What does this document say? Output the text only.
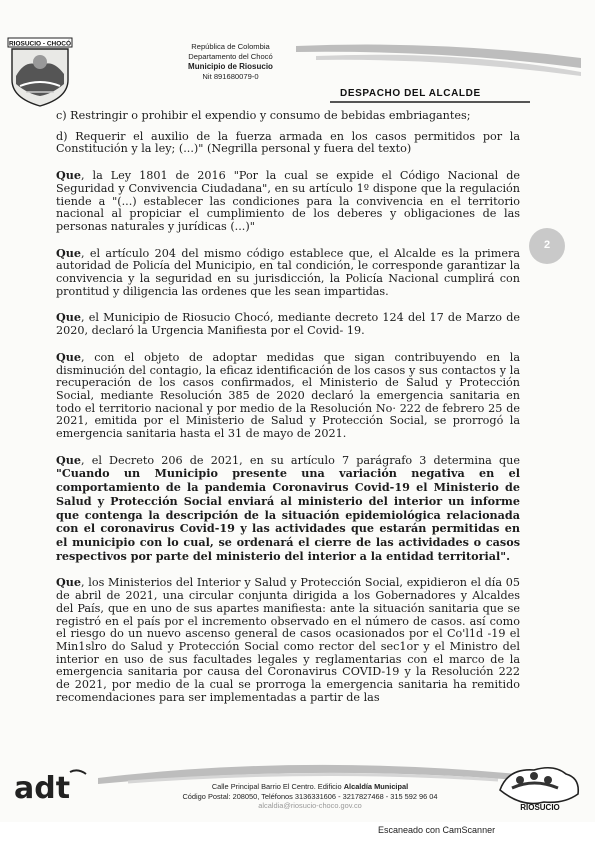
RIOSUCIO - CHOCÓ	República de Colombia
Departamento del Chocó
Municipio de Riosucio
Nit 891680079-0
DESPACHO DEL ALCALDE
2

c) Restringir o prohibir el expendio y consumo de bebidas embriagantes;

d) Requerir el auxilio de la fuerza armada en los casos permitidos por la Constitución y la ley; (...)" (Negrilla personal y fuera del texto)

Que, la Ley 1801 de 2016 "Por la cual se expide el Código Nacional de Seguridad y Convivencia Ciudadana", en su artículo 1º dispone que la regulación tiende a "(...) establecer las condiciones para la convivencia en el territorio nacional al propiciar el cumplimiento de los deberes y obligaciones de las personas naturales y jurídicas (...)"

Que, el artículo 204 del mismo código establece que, el Alcalde es la primera autoridad de Policía del Municipio, en tal condición, le corresponde garantizar la convivencia y la seguridad en su jurisdicción, la Policía Nacional cumplirá con prontitud y diligencia las ordenes que les sean impartidas.

Que, el Municipio de Riosucio Chocó, mediante decreto 124 del 17 de Marzo de 2020, declaró la Urgencia Manifiesta por el Covid- 19.

Que, con el objeto de adoptar medidas que sigan contribuyendo en la disminución del contagio, la eficaz identificación de los casos y sus contactos y la recuperación de los casos confirmados, el Ministerio de Salud y Protección Social, mediante Resolución 385 de 2020 declaró la emergencia sanitaria en todo el territorio nacional y por medio de la Resolución No· 222 de febrero 25 de 2021, emitida por el Ministerio de Salud y Protección Social, se prorrogó la emergencia sanitaria hasta el 31 de mayo de 2021.

Que, el Decreto 206 de 2021, en su artículo 7 parágrafo 3 determina que "Cuando un Municipio presente una variación negativa en el comportamiento de la pandemia Coronavirus Covid-19 el Ministerio de Salud y Protección Social enviará al ministerio del interior un informe que contenga la descripción de la situación epidemiológica relacionada con el coronavirus Covid-19 y las actividades que estarán permitidas en el municipio con lo cual, se ordenará el cierre de las actividades o casos respectivos por parte del ministerio del interior a la entidad territorial".

Que, los Ministerios del Interior y Salud y Protección Social, expidieron el día 05 de abril de 2021, una circular conjunta dirigida a los Gobernadores y Alcaldes del País, que en uno de sus apartes manifiesta: ante la situación sanitaria que se registró en el país por el incremento observado en el número de casos. así como el riesgo do un nuevo ascenso general de casos ocasionados por el Co'l1d -19 el Min1slro do Salud y Protección Social como rector del sec1or y el Ministro del interior en uso de sus facultades legales y reglamentarias con el marco de la emergencia sanitaria por causa del Coronavirus COVID-19 y la Resolución 222 de 2021, por medio de la cual se prorroga la emergencia sanitaria ha remitido recomendaciones para ser implementadas a partir de las

adt	Calle Principal Barrio El Centro. Edificio Alcaldía Municipal
Código Postal: 208050, Teléfonos 3136331606 - 3217827468 - 315 592 96 04
alcaldia@riosucio-choco.gov.co	RIOSUCIO
Escaneado con CamScanner
